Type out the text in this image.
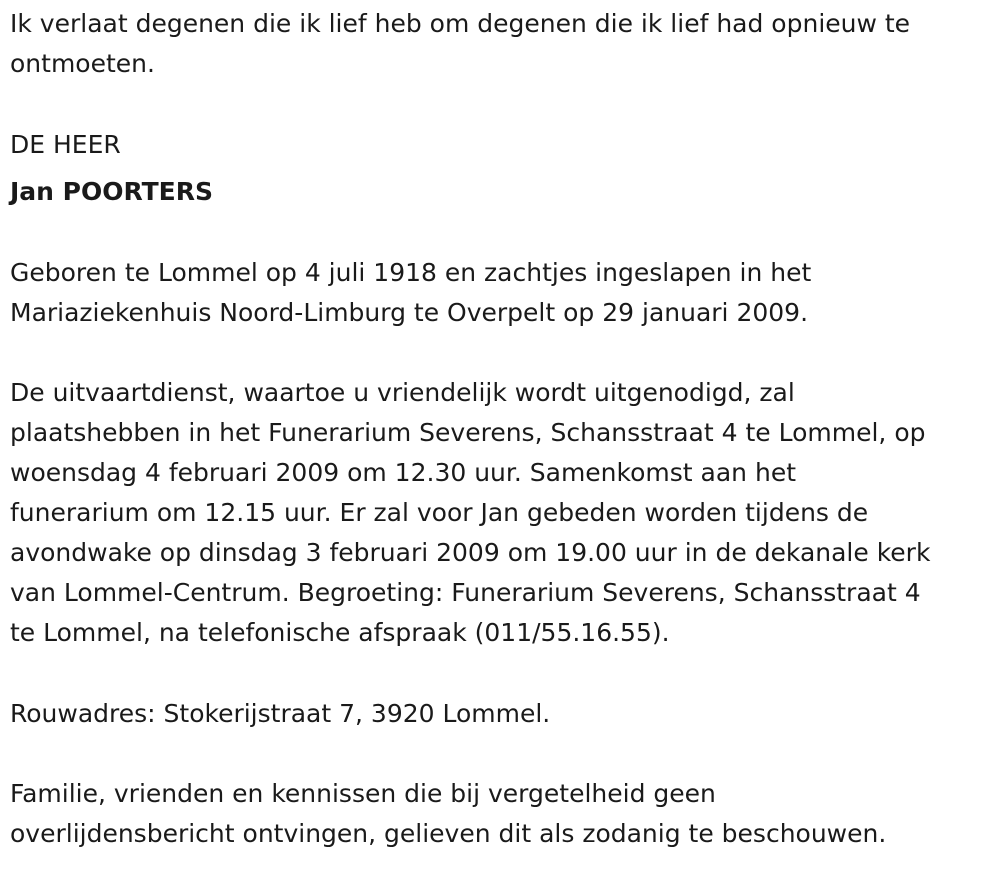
Ik verlaat degenen die ik lief heb om degenen die ik lief had opnieuw te
ontmoeten.

DE HEER

Jan POORTERS

Geboren te Lommel op 4 juli 1918 en zachtjes ingeslapen in het
Mariaziekenhuis Noord-Limburg te Overpelt op 29 januari 2009.

De uitvaartdienst, waartoe u vriendelijk wordt uitgenodigd, zal
plaatshebben in het Funerarium Severens, Schansstraat 4 te Lommel, op
woensdag 4 februari 2009 om 12.30 uur. Samenkomst aan het
funerarium om 12.15 uur. Er zal voor Jan gebeden worden tijdens de
avondwake op dinsdag 3 februari 2009 om 19.00 uur in de dekanale kerk
van Lommel-Centrum. Begroeting: Funerarium Severens, Schansstraat 4
te Lommel, na telefonische afspraak (011/55.16.55).

Rouwadres: Stokerijstraat 7, 3920 Lommel.

Familie, vrienden en kennissen die bij vergetelheid geen
overlijdensbericht ontvingen, gelieven dit als zodanig te beschouwen.
